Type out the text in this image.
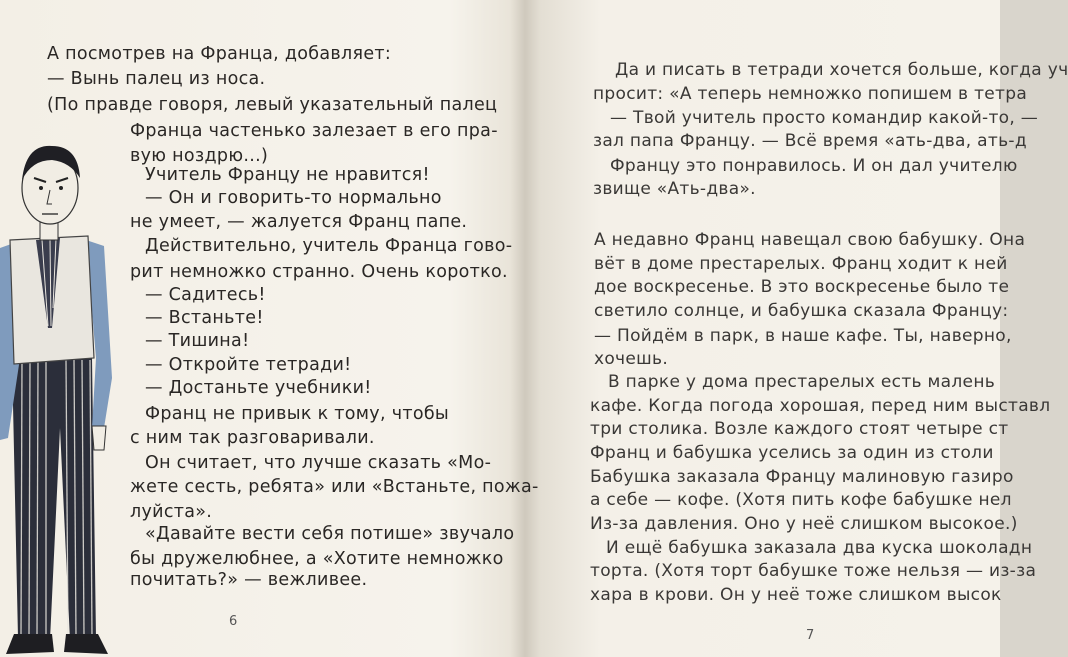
А посмотрев на Франца, добавляет:
— Вынь палец из носа.
(По правде говоря, левый указательный палец
Франца частенько залезает в его пра-
вую ноздрю...)
Учитель Францу не нравится!
— Он и говорить-то нормально
не умеет, — жалуется Франц папе.
Действительно, учитель Франца гово-
рит немножко странно. Очень коротко.
— Садитесь!
— Встаньте!
— Тишина!
— Откройте тетради!
— Достаньте учебники!
Франц не привык к тому, чтобы
с ним так разговаривали.
Он считает, что лучше сказать «Мо-
жете сесть, ребята» или «Встаньте, пожа-
луйста».
«Давайте вести себя потише» звучало
бы дружелюбнее, а «Хотите немножко
почитать?» — вежливее.
6
Да и писать в тетради хочется больше, когда уч
просит: «А теперь немножко попишем в тетра
— Твой учитель просто командир какой-то, —
зал папа Францу. — Всё время «ать-два, ать-д
Францу это понравилось. И он дал учителю
звище «Ать-два».
А недавно Франц навещал свою бабушку. Она
вёт в доме престарелых. Франц ходит к ней
дое воскресенье. В это воскресенье было те
светило солнце, и бабушка сказала Францу:
— Пойдём в парк, в наше кафе. Ты, наверно,
хочешь.
В парке у дома престарелых есть малень
кафе. Когда погода хорошая, перед ним выставл
три столика. Возле каждого стоят четыре ст
Франц и бабушка уселись за один из столи
Бабушка заказала Францу малиновую газиро
а себе — кофе. (Хотя пить кофе бабушке нел
Из-за давления. Оно у неё слишком высокое.)
И ещё бабушка заказала два куска шоколадн
торта. (Хотя торт бабушке тоже нельзя — из-за
хара в крови. Он у неё тоже слишком высок
7
